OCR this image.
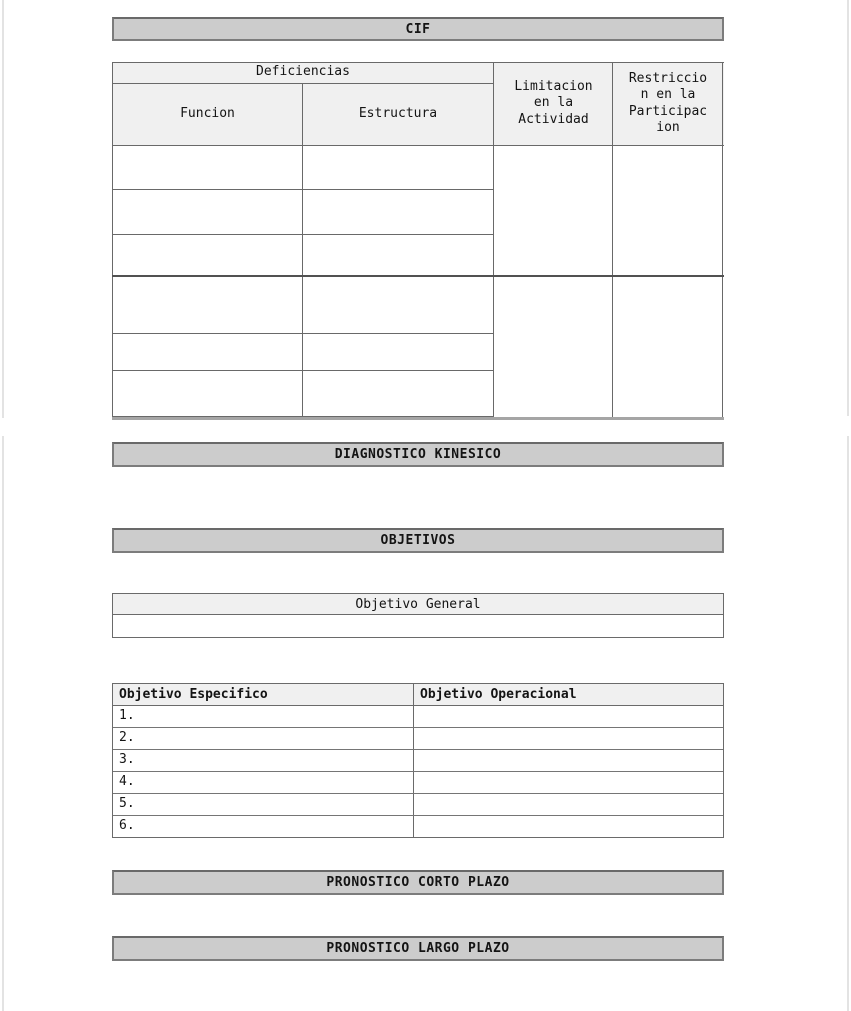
CIF
Deficiencias
Funcion	Estructura
Limitacion en la Actividad
Restriccion en la Participacion
DIAGNOSTICO KINESICO
OBJETIVOS
Objetivo General
Objetivo Especifico	Objetivo Operacional
1.
2.
3.
4.
5.
6.
PRONOSTICO CORTO PLAZO
PRONOSTICO LARGO PLAZO
